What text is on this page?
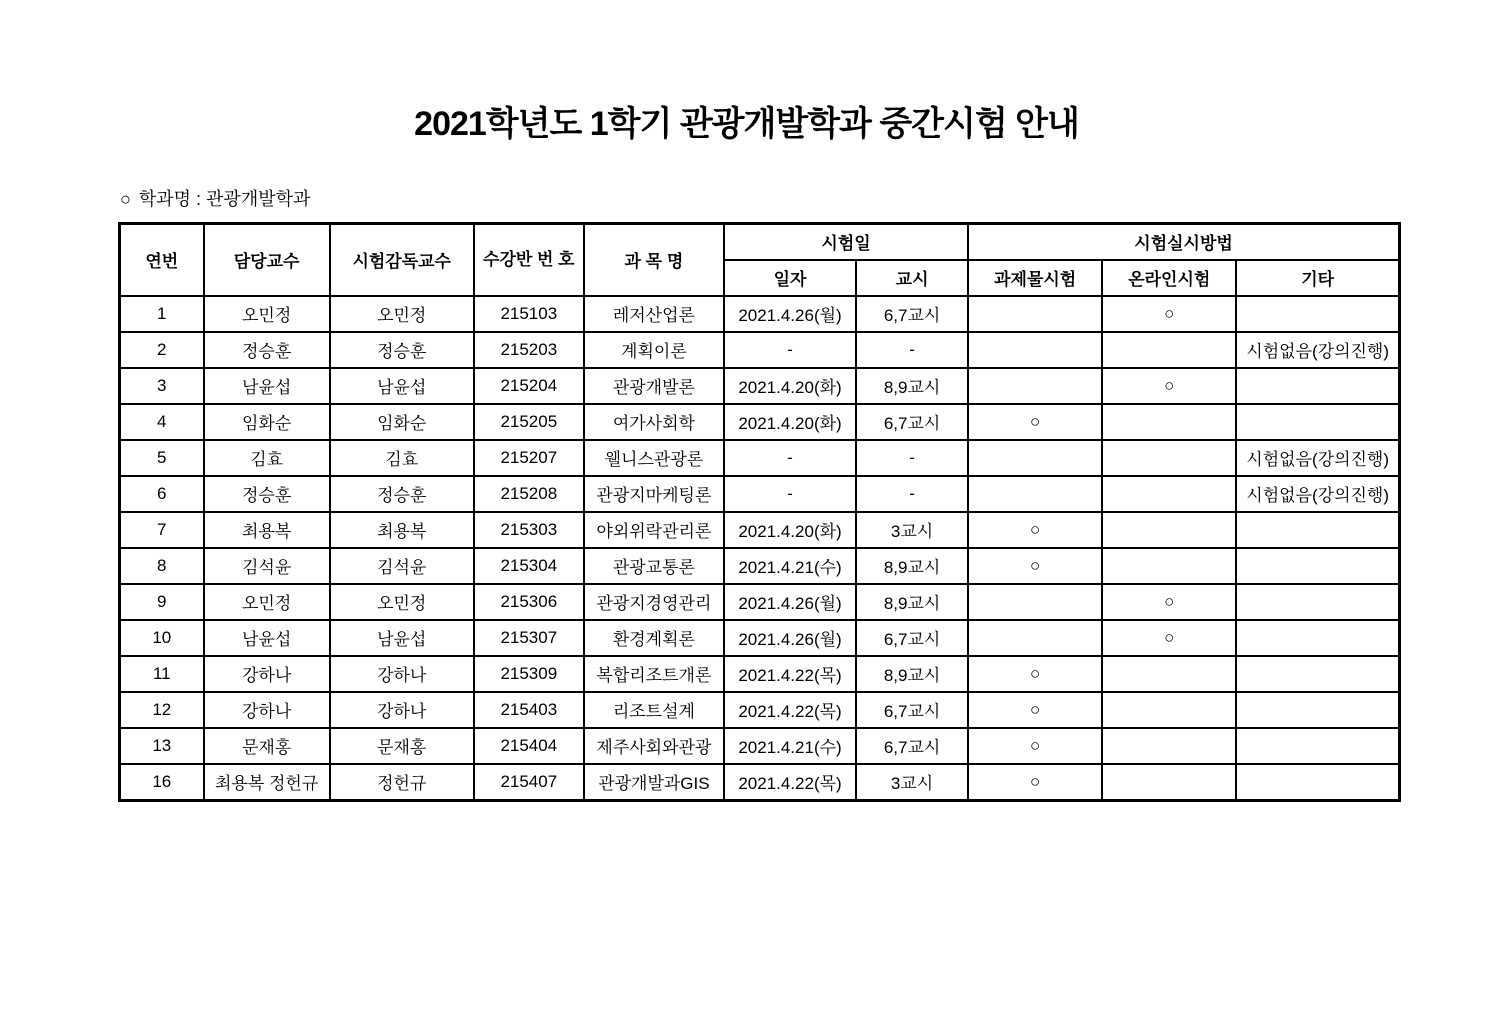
2021학년도 1학기 관광개발학과 중간시험 안내
○ 학과명 : 관광개발학과
연번	담당교수	시험감독교수	수강반 번 호	과 목 명	시험일		시험실시방법		
					일자	교시	과제물시험	온라인시험	기타
1	오민정	오민정	215103	레저산업론	2021.4.26(월)	6,7교시		○	
2	정승훈	정승훈	215203	계획이론	-	-			시험없음(강의진행)
3	남윤섭	남윤섭	215204	관광개발론	2021.4.20(화)	8,9교시		○	
4	임화순	임화순	215205	여가사회학	2021.4.20(화)	6,7교시	○		
5	김효	김효	215207	웰니스관광론	-	-			시험없음(강의진행)
6	정승훈	정승훈	215208	관광지마케팅론	-	-			시험없음(강의진행)
7	최용복	최용복	215303	야외위락관리론	2021.4.20(화)	3교시	○		
8	김석윤	김석윤	215304	관광교통론	2021.4.21(수)	8,9교시	○		
9	오민정	오민정	215306	관광지경영관리	2021.4.26(월)	8,9교시		○	
10	남윤섭	남윤섭	215307	환경계획론	2021.4.26(월)	6,7교시		○	
11	강하나	강하나	215309	복합리조트개론	2021.4.22(목)	8,9교시	○		
12	강하나	강하나	215403	리조트설계	2021.4.22(목)	6,7교시	○		
13	문재홍	문재홍	215404	제주사회와관광	2021.4.21(수)	6,7교시	○		
16	최용복 정헌규	정헌규	215407	관광개발과GIS	2021.4.22(목)	3교시	○		
